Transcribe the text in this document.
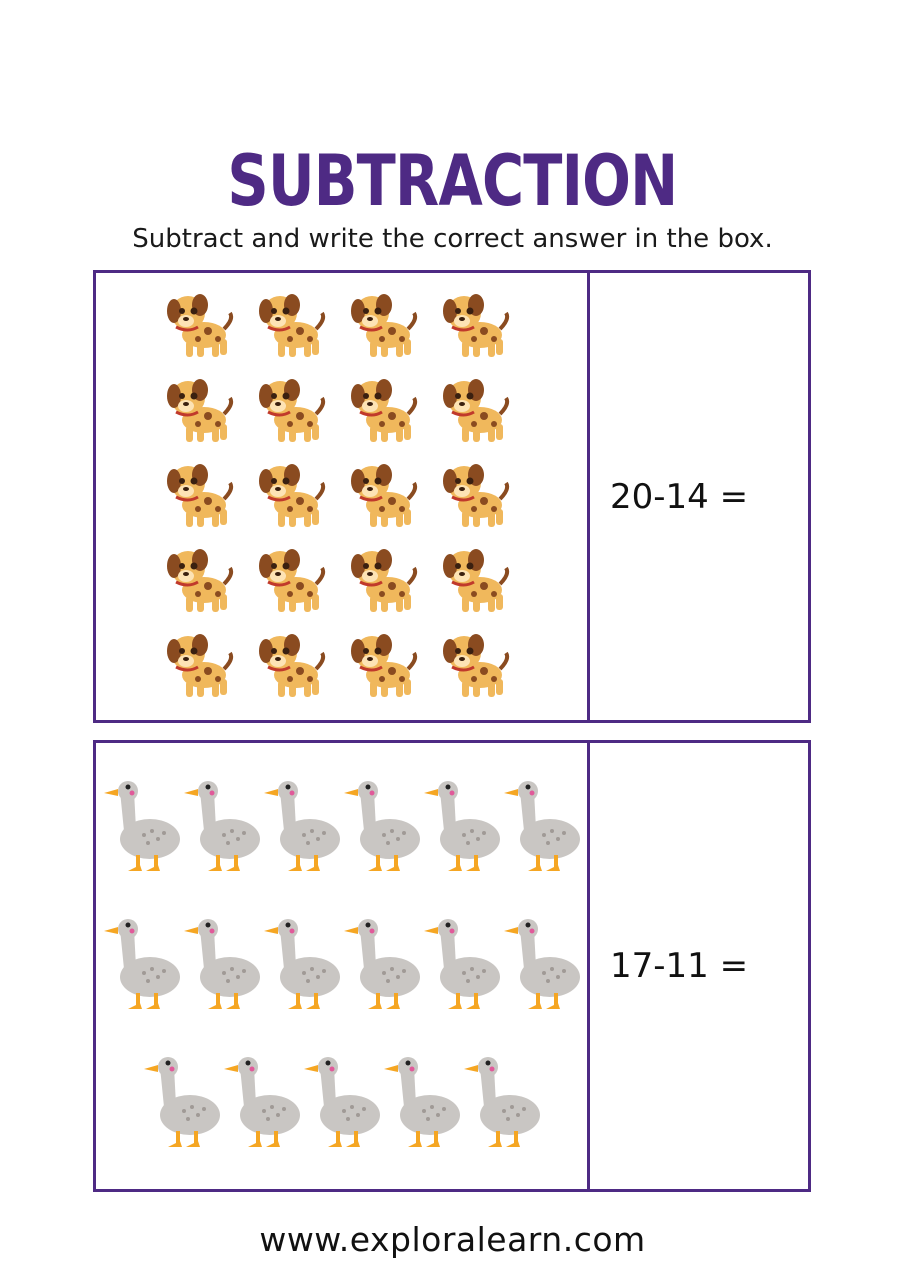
SUBTRACTION
Subtract and write the correct answer in the box.
20-14 =
17-11 =
www.exploralearn.com
